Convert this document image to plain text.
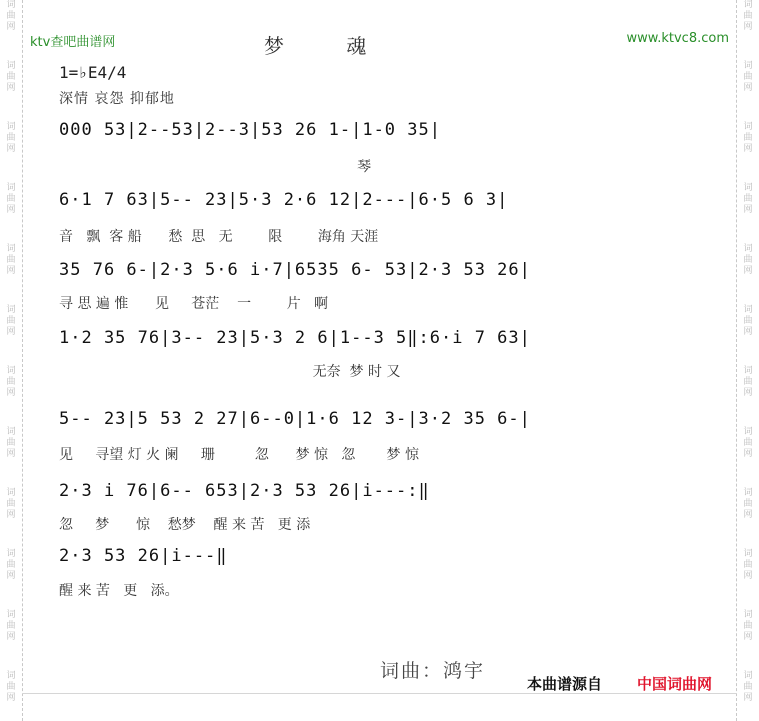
词
曲
网
词
曲
网
词
曲
网
词
曲
网
词
曲
网
词
曲
网
词
曲
网
词
曲
网
词
曲
网
词
曲
网
词
曲
网
词
曲
网
词
曲
网
词
曲
网
词
曲
网
词
曲
网
词
曲
网
词
曲
网
词
曲
网
词
曲
网
词
曲
网
词
曲
网
词
曲
网
词
曲
网
ktv查吧曲谱网	www.ktvc8.com
梦 魂
1=♭E4/4
深情 哀怨 抑郁地
000 53|2--53|2--3|53 26 1-|1-0 35|
琴
6·1 7 63|5-- 23|5·3 2·6 12|2---|6·5 6 3|
音   飘  客 船      愁  思   无        限        海角 天涯
35 76 6-|2·3 5·6 i·7|6535 6- 53|2·3 53 26|
寻 思 遍 惟      见     苍茫    一        片   啊
1·2 35 76|3-- 23|5·3 2 6|1--3 5‖:6·i 7 63|
无奈  梦 时 又
5-- 23|5 53 2 27|6--0|1·6 12 3-|3·2 35 6-|
见     寻望 灯 火 阑     珊         忽      梦 惊   忽       梦 惊
2·3 i 76|6-- 653|2·3 53 26|i---:‖
忽     梦      惊    愁梦    醒 来 苦   更 添
2·3 53 26|i---‖
醒 来 苦   更   添。
词曲：鸿宇
本曲谱源自 中国词曲网
